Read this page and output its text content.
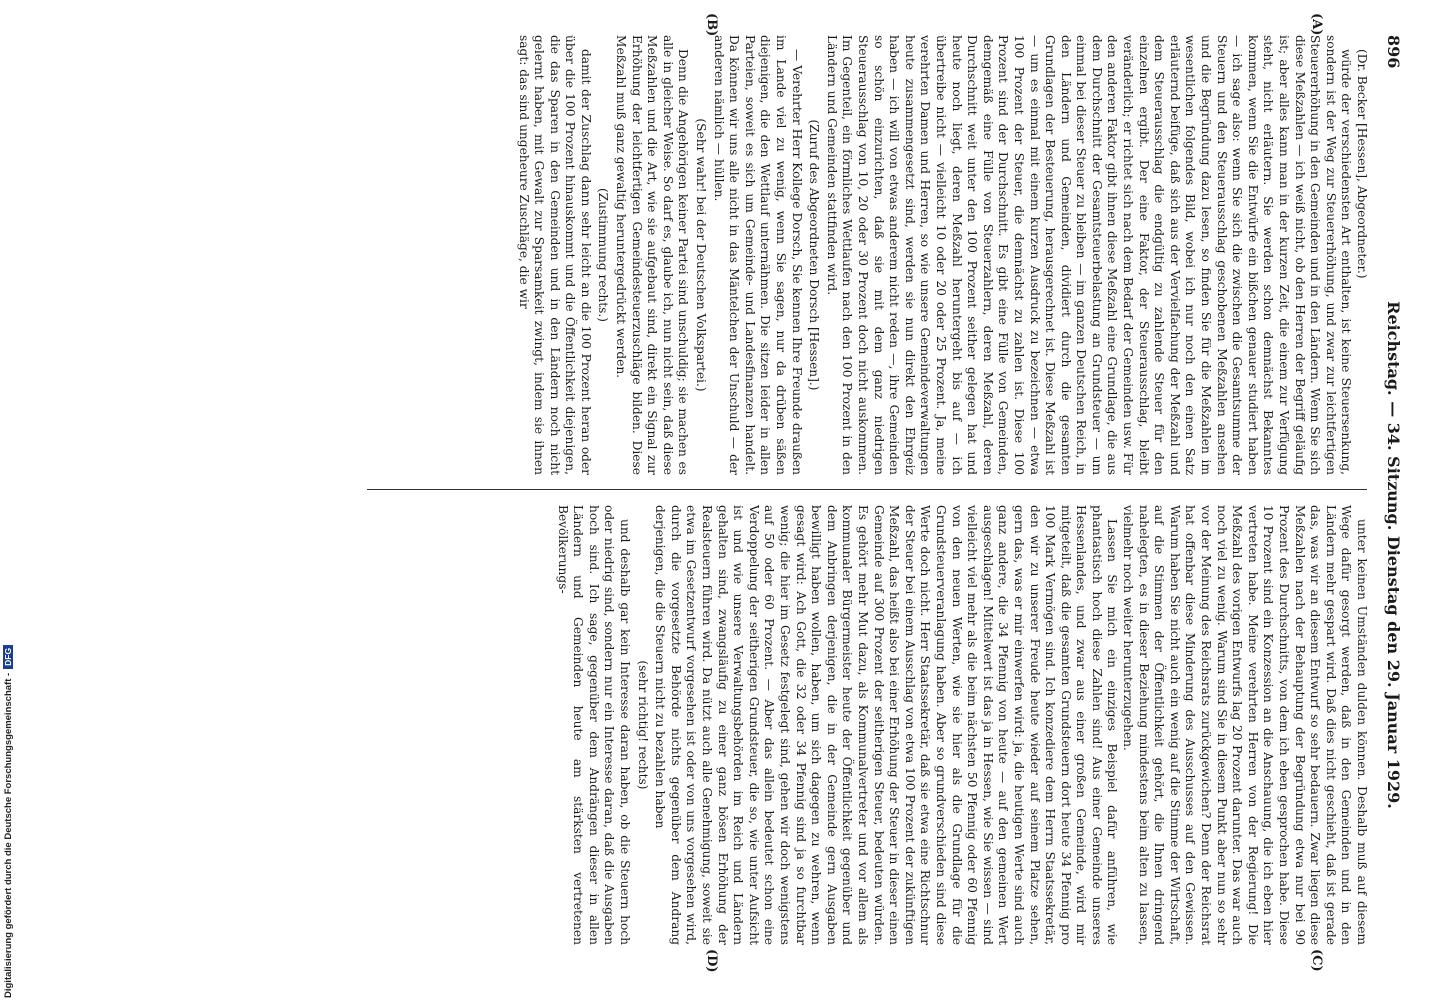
Digitalisierung gefördert durch die Deutsche Forschungsgemeinschaft -DFG
896
Reichstag. — 34. Sitzung. Dienstag den 29. Januar 1929.
(A)
(B)
(C)
(D)

(Dr. Becker [Hessen], Abgeordneter.)

würde der verschiedensten Art enthalten, ist keine Steuersenkung, sondern ist der Weg zur Steuererhöhung, und zwar zur leichtfertigen Steuererhöhung in den Gemeinden und in den Ländern. Wenn Sie sich diese Meßzahlen — ich weiß nicht, ob den Herren der Begriff geläufig ist; aber alles kann man in der kurzen Zeit, die einem zur Verfügung steht, nicht erläutern. Sie werden schon demnächst Bekanntes kommen, wenn Sie die Entwürfe ein bißchen genauer studiert haben — ich sage also: wenn Sie sich die zwischen die Gesamtsumme der Steuern und den Steuerausschlag geschobenen Meßzahlen ansehen und die Begründung dazu lesen, so finden Sie für die Meßzahlen im wesentlichen folgendes Bild, wobei ich nur noch den einen Satz erläuternd beifüge, daß sich aus der Vervielfachung der Meßzahl und dem Steuerausschlag die endgültig zu zahlende Steuer für den einzelnen ergibt. Der eine Faktor, der Steuerausschlag, bleibt veränderlich; er richtet sich nach dem Bedarf der Gemeinden usw. Für den anderen Faktor gibt ihnen diese Meßzahl eine Grundlage, die aus dem Durchschnitt der Gesamtsteuerbelastung an Grundsteuer — um einmal bei dieser Steuer zu bleiben — im ganzen Deutschen Reich, in den Ländern und Gemeinden, dividiert durch die gesamten Grundlagen der Besteuerung, herausgerechnet ist. Diese Meßzahl ist — um es einmal mit einem kurzen Ausdruck zu bezeichnen — etwa 100 Prozent der Steuer, die demnächst zu zahlen ist. Diese 100 Prozent sind der Durchschnitt. Es gibt eine Fülle von Gemeinden, demgemäß eine Fülle von Steuerzahlern, deren Meßzahl, deren Durchschnitt weit unter den 100 Prozent seither gelegen hat und heute noch liegt, deren Meßzahl heruntergeht bis auf — ich übertreibe nicht — vielleicht 10 oder 20 oder 25 Prozent. Ja, meine verehrten Damen und Herren, so wie unsere Gemeindeverwaltungen heute zusammengesetzt sind, werden sie nun direkt den Ehrgeiz haben — ich will von etwas anderem nicht reden —, ihre Gemeinden so schön einzurichten, daß sie mit dem ganz niedrigen Steuerausschlag von 10, 20 oder 30 Prozent doch nicht auskommen. Im Gegenteil, ein förmliches Wettlaufen nach den 100 Prozent in den Ländern und Gemeinden stattfinden wird.

(Zuruf des Abgeordneten Dorsch [Hessen].)

— Verehrter Herr Kollege Dorsch, Sie kennen Ihre Freunde draußen im Lande viel zu wenig, wenn Sie sagen, nur da drüben säßen diejenigen, die den Wettlauf unternähmen. Die sitzen leider in allen Parteien, soweit es sich um Gemeinde- und Landesfinanzen handelt. Da können wir uns alle nicht in das Mäntelchen der Unschuld — der anderen nämlich — hüllen.

(Sehr wahr! bei der Deutschen Volkspartei.)

Denn die Angehörigen keiner Partei sind unschuldig; sie machen es alle in gleicher Weise. So darf es, glaube ich, nun nicht sein, daß diese Meßzahlen und die Art, wie sie aufgebaut sind, direkt ein Signal zur Erhöhung der leichtfertigen Gemeindesteuerzuschläge bilden. Diese Meßzahl muß ganz gewaltig heruntergedrückt werden.

(Zustimmung rechts.)

damit der Zuschlag dann sehr leicht an die 100 Prozent heran oder über die 100 Prozent hinauskommt und die Öffentlichkeit diejenigen, die das Sparen in den Gemeinden und in den Ländern noch nicht gelernt haben, mit Gewalt zur Sparsamkeit zwingt, indem sie ihnen sagt: das sind ungeheure Zuschläge, die wir

unter keinen Umständen dulden können. Deshalb muß auf diesem Wege dafür gesorgt werden, daß in den Gemeinden und in den Ländern mehr gespart wird. Daß dies nicht geschieht, daß ist gerade das, was wir an diesem Entwurf so sehr bedauern. Zwar liegen diese Meßzahlen nach der Behauptung der Begründung etwa nur bei 90 Prozent des Durchschnitts, von dem ich eben gesprochen habe. Diese 10 Prozent sind ein Konzession an die Anschauung, die ich eben hier vertreten habe. Meine verehrten Herren von der Regierung! Die Meßzahl des vorigen Entwurfs lag 20 Prozent darunter. Das war auch noch viel zu wenig. Warum sind Sie in diesem Punkt aber nun so sehr vor der Meinung des Reichsrats zurückgewichen? Denn der Reichsrat hat offenbar diese Minderung des Ausschusses auf den Gewissen. Warum haben Sie nicht auch ein wenig auf die Stimme der Wirtschaft, auf die Stimmen der Öffentlichkeit gehört, die Ihnen dringend nahelegten, es in dieser Beziehung mindestens beim alten zu lassen, vielmehr noch weiter herunterzugehen.

Lassen Sie mich ein einziges Beispiel dafür anführen, wie phantastisch hoch diese Zahlen sind! Aus einer Gemeinde unseres Hessenlandes, und zwar aus einer großen Gemeinde, wird mir mitgeteilt, daß die gesamten Grundsteuern dort heute 34 Pfennig pro 100 Mark Vermögen sind. Ich konzediere dem Herrn Staatssekretär, den wir zu unserer Freude heute wieder auf seinem Platze sehen, gern das, was er mir einwerfen wird: ja, die heutigen Werte sind auch ganz andere, die 34 Pfennig von heute — auf den gemeinen Wert ausgeschlagen! Mittelwert ist das ja in Hessen, wie Sie wissen — sind vielleicht viel mehr als die beim nächsten 50 Pfennig oder 60 Pfennig von den neuen Werten, wie sie hier als die Grundlage für die Grundsteuerveranlagung haben. Aber so grundverschieden sind diese Werte doch nicht. Herr Staatssekretär, daß sie etwa eine Richtschnur der Steuer bei einem Ausschlag von etwa 100 Prozent der zukünftigen Meßzahl, das heißt also bei einer Erhöhung der Steuer in dieser einen Gemeinde auf 300 Prozent der seitherigen Steuer, bedeuten würden. Es gehört mehr Mut dazu, als Kommunalvertreter und vor allem als kommunaler Bürgermeister heute der Öffentlichkeit gegenüber und dem Anbringen derjenigen, die in der Gemeinde gern Ausgaben bewilligt haben wollen, haben, um sich dagegen zu wehren, wenn gesagt wird: Ach Gott, die 32 oder 34 Pfennig sind ja so furchtbar wenig; die hier im Gesetz festgelegt sind, gehen wir doch wenigstens auf 50 oder 60 Prozent. — Aber das allein bedeutet schon eine Verdoppelung der seitherigen Grundsteuer, die so, wie unter Aufsicht ist und wie unsere Verwaltungsbehörden im Reich und Ländern gehalten sind, zwangsläufig zu einer ganz bösen Erhöhung der Realsteuern führen wird. Da nützt auch alle Genehmigung, soweit sie etwa im Gesetzentwurf vorgesehen ist oder von uns vorgesehen wird, durch die vorgesetzte Behörde nichts gegenüber dem Andrang derjenigen, die die Steuern nicht zu bezahlen haben

(sehr richtig! rechts)

und deshalb gar kein Interesse daran haben, ob die Steuern hoch oder niedrig sind, sondern nur ein Interesse daran, daß die Ausgaben hoch sind. Ich sage, gegenüber dem Andrängen dieser in allen Ländern und Gemeinden heute am stärksten vertretenen Bevölkerungs-
